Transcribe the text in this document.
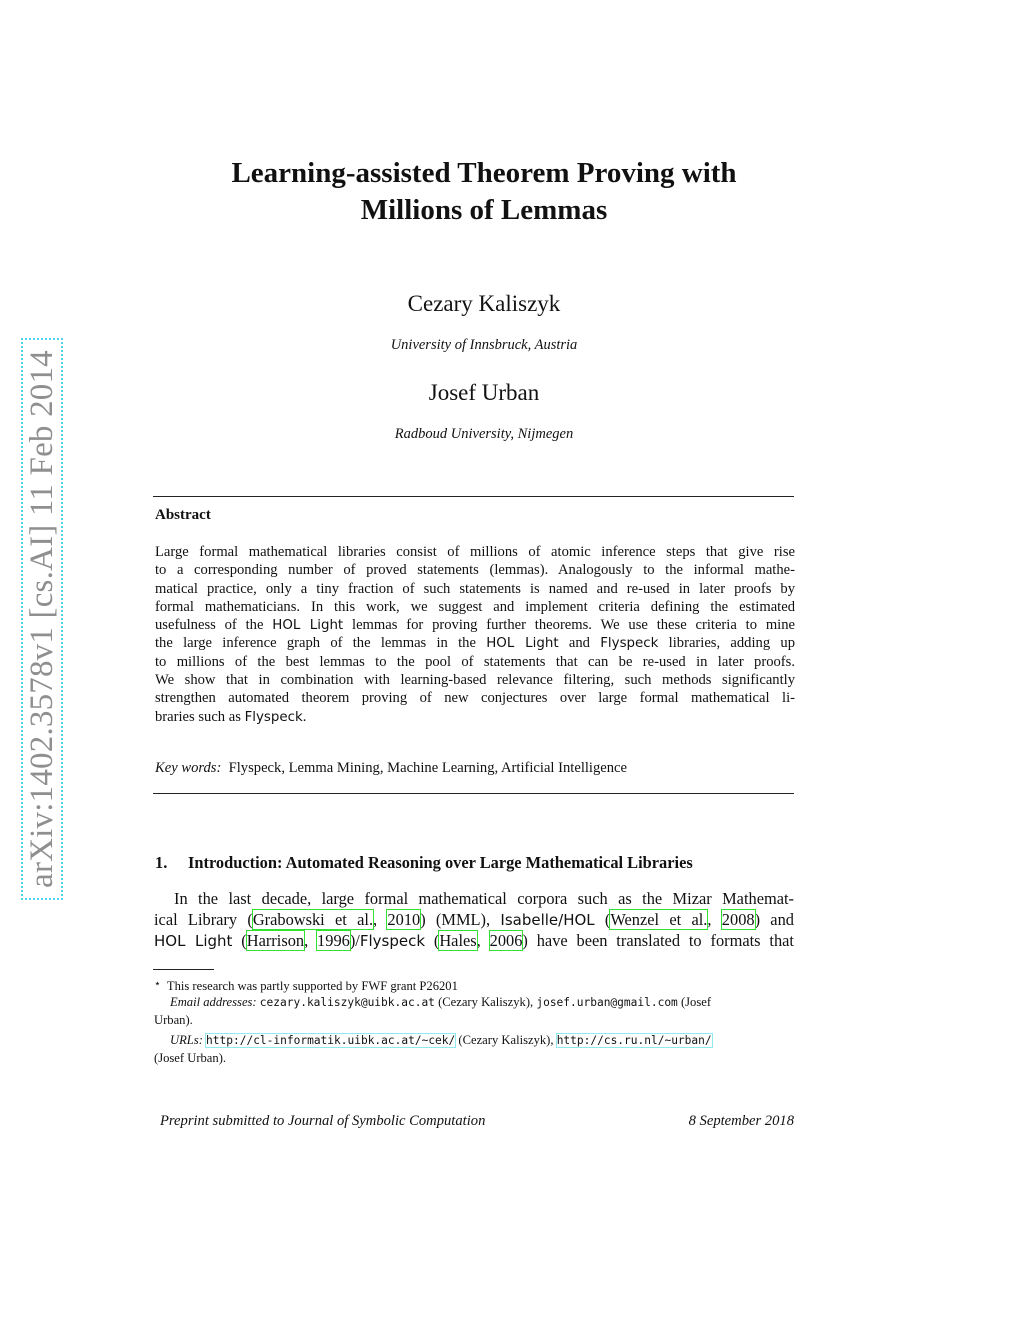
arXiv:1402.3578v1 [cs.AI] 11 Feb 2014
Learning-assisted Theorem Proving with
Millions of Lemmas
Cezary Kaliszyk
University of Innsbruck, Austria
Josef Urban
Radboud University, Nijmegen
Abstract
Large formal mathematical libraries consist of millions of atomic inference steps that give rise
to a corresponding number of proved statements (lemmas). Analogously to the informal mathe-
matical practice, only a tiny fraction of such statements is named and re-used in later proofs by
formal mathematicians. In this work, we suggest and implement criteria defining the estimated
usefulness of the HOL Light lemmas for proving further theorems. We use these criteria to mine
the large inference graph of the lemmas in the HOL Light and Flyspeck libraries, adding up
to millions of the best lemmas to the pool of statements that can be re-used in later proofs.
We show that in combination with learning-based relevance filtering, such methods significantly
strengthen automated theorem proving of new conjectures over large formal mathematical li-
braries such as Flyspeck.
Key words: Flyspeck, Lemma Mining, Machine Learning, Artificial Intelligence
1. Introduction: Automated Reasoning over Large Mathematical Libraries
In the last decade, large formal mathematical corpora such as the Mizar Mathemat-
ical Library (Grabowski et al., 2010) (MML), Isabelle/HOL (Wenzel et al., 2008) and
HOL Light (Harrison, 1996)/Flyspeck (Hales, 2006) have been translated to formats that
⋆ This research was partly supported by FWF grant P26201
Email addresses: cezary.kaliszyk@uibk.ac.at (Cezary Kaliszyk), josef.urban@gmail.com (Josef
Urban).
URLs: http://cl-informatik.uibk.ac.at/~cek/ (Cezary Kaliszyk), http://cs.ru.nl/~urban/
(Josef Urban).
Preprint submitted to Journal of Symbolic Computation	8 September 2018
